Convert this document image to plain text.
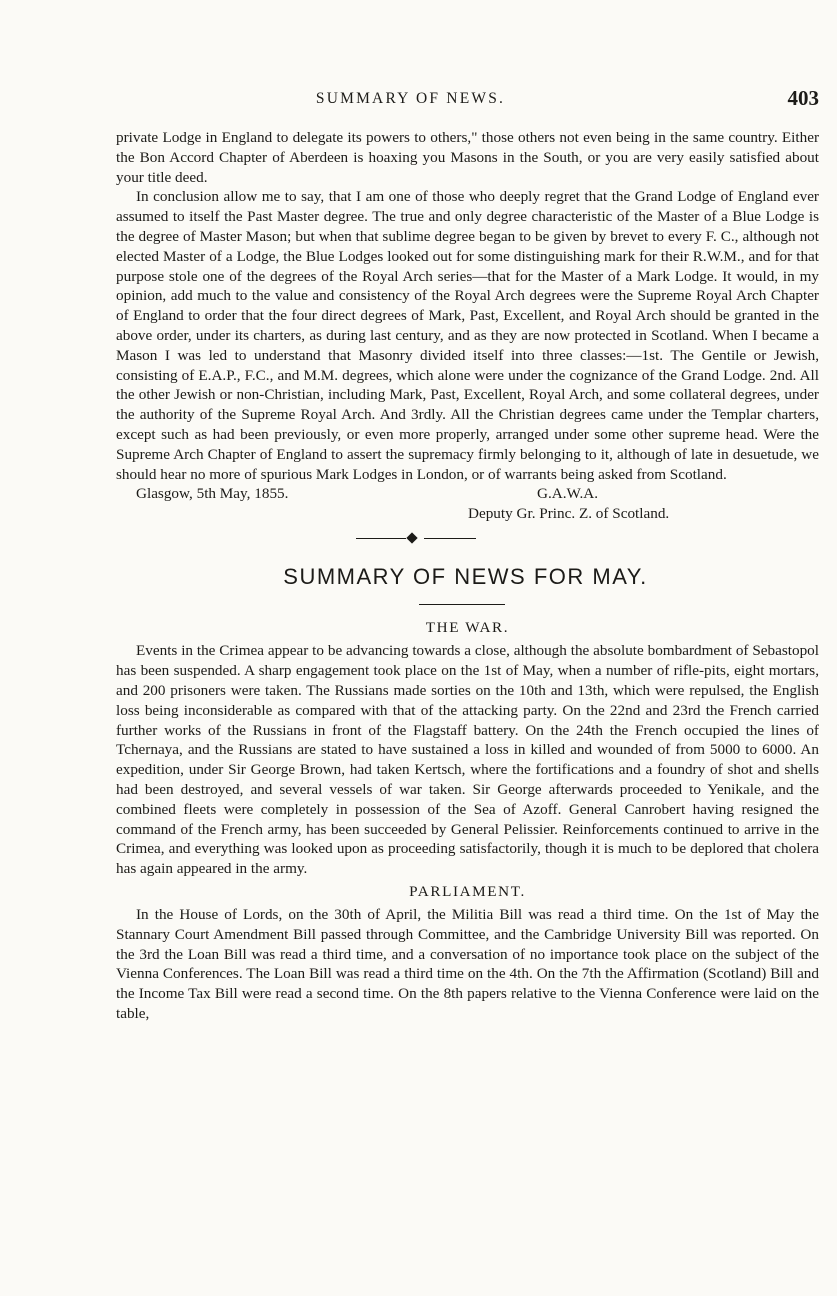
SUMMARY OF NEWS.	403

private Lodge in England to delegate its powers to others," those others not even being in the same country. Either the Bon Accord Chapter of Aberdeen is hoaxing you Masons in the South, or you are very easily satisfied about your title deed.

In conclusion allow me to say, that I am one of those who deeply regret that the Grand Lodge of England ever assumed to itself the Past Master degree. The true and only degree characteristic of the Master of a Blue Lodge is the degree of Master Mason; but when that sublime degree began to be given by brevet to every F. C., although not elected Master of a Lodge, the Blue Lodges looked out for some distinguishing mark for their R.W.M., and for that purpose stole one of the degrees of the Royal Arch series—that for the Master of a Mark Lodge. It would, in my opinion, add much to the value and consistency of the Royal Arch degrees were the Supreme Royal Arch Chapter of England to order that the four direct degrees of Mark, Past, Excellent, and Royal Arch should be granted in the above order, under its charters, as during last century, and as they are now protected in Scotland. When I became a Mason I was led to understand that Masonry divided itself into three classes:—1st. The Gentile or Jewish, consisting of E.A.P., F.C., and M.M. degrees, which alone were under the cognizance of the Grand Lodge. 2nd. All the other Jewish or non-Christian, including Mark, Past, Excellent, Royal Arch, and some collateral degrees, under the authority of the Supreme Royal Arch. And 3rdly. All the Christian degrees came under the Templar charters, except such as had been previously, or even more properly, arranged under some other supreme head. Were the Supreme Arch Chapter of England to assert the supremacy firmly belonging to it, although of late in desuetude, we should hear no more of spurious Mark Lodges in London, or of warrants being asked from Scotland.

Glasgow, 5th May, 1855.	G.A.W.A.
Deputy Gr. Princ. Z. of Scotland.
SUMMARY OF NEWS FOR MAY.
THE WAR.

Events in the Crimea appear to be advancing towards a close, although the absolute bombardment of Sebastopol has been suspended. A sharp engagement took place on the 1st of May, when a number of rifle-pits, eight mortars, and 200 prisoners were taken. The Russians made sorties on the 10th and 13th, which were repulsed, the English loss being inconsiderable as compared with that of the attacking party. On the 22nd and 23rd the French carried further works of the Russians in front of the Flagstaff battery. On the 24th the French occupied the lines of Tchernaya, and the Russians are stated to have sustained a loss in killed and wounded of from 5000 to 6000. An expedition, under Sir George Brown, had taken Kertsch, where the fortifications and a foundry of shot and shells had been destroyed, and several vessels of war taken. Sir George afterwards proceeded to Yenikale, and the combined fleets were completely in possession of the Sea of Azoff. General Canrobert having resigned the command of the French army, has been succeeded by General Pelissier. Reinforcements continued to arrive in the Crimea, and everything was looked upon as proceeding satisfactorily, though it is much to be deplored that cholera has again appeared in the army.

PARLIAMENT.

In the House of Lords, on the 30th of April, the Militia Bill was read a third time. On the 1st of May the Stannary Court Amendment Bill passed through Committee, and the Cambridge University Bill was reported. On the 3rd the Loan Bill was read a third time, and a conversation of no importance took place on the subject of the Vienna Conferences. The Loan Bill was read a third time on the 4th. On the 7th the Affirmation (Scotland) Bill and the Income Tax Bill were read a second time. On the 8th papers relative to the Vienna Conference were laid on the table,
